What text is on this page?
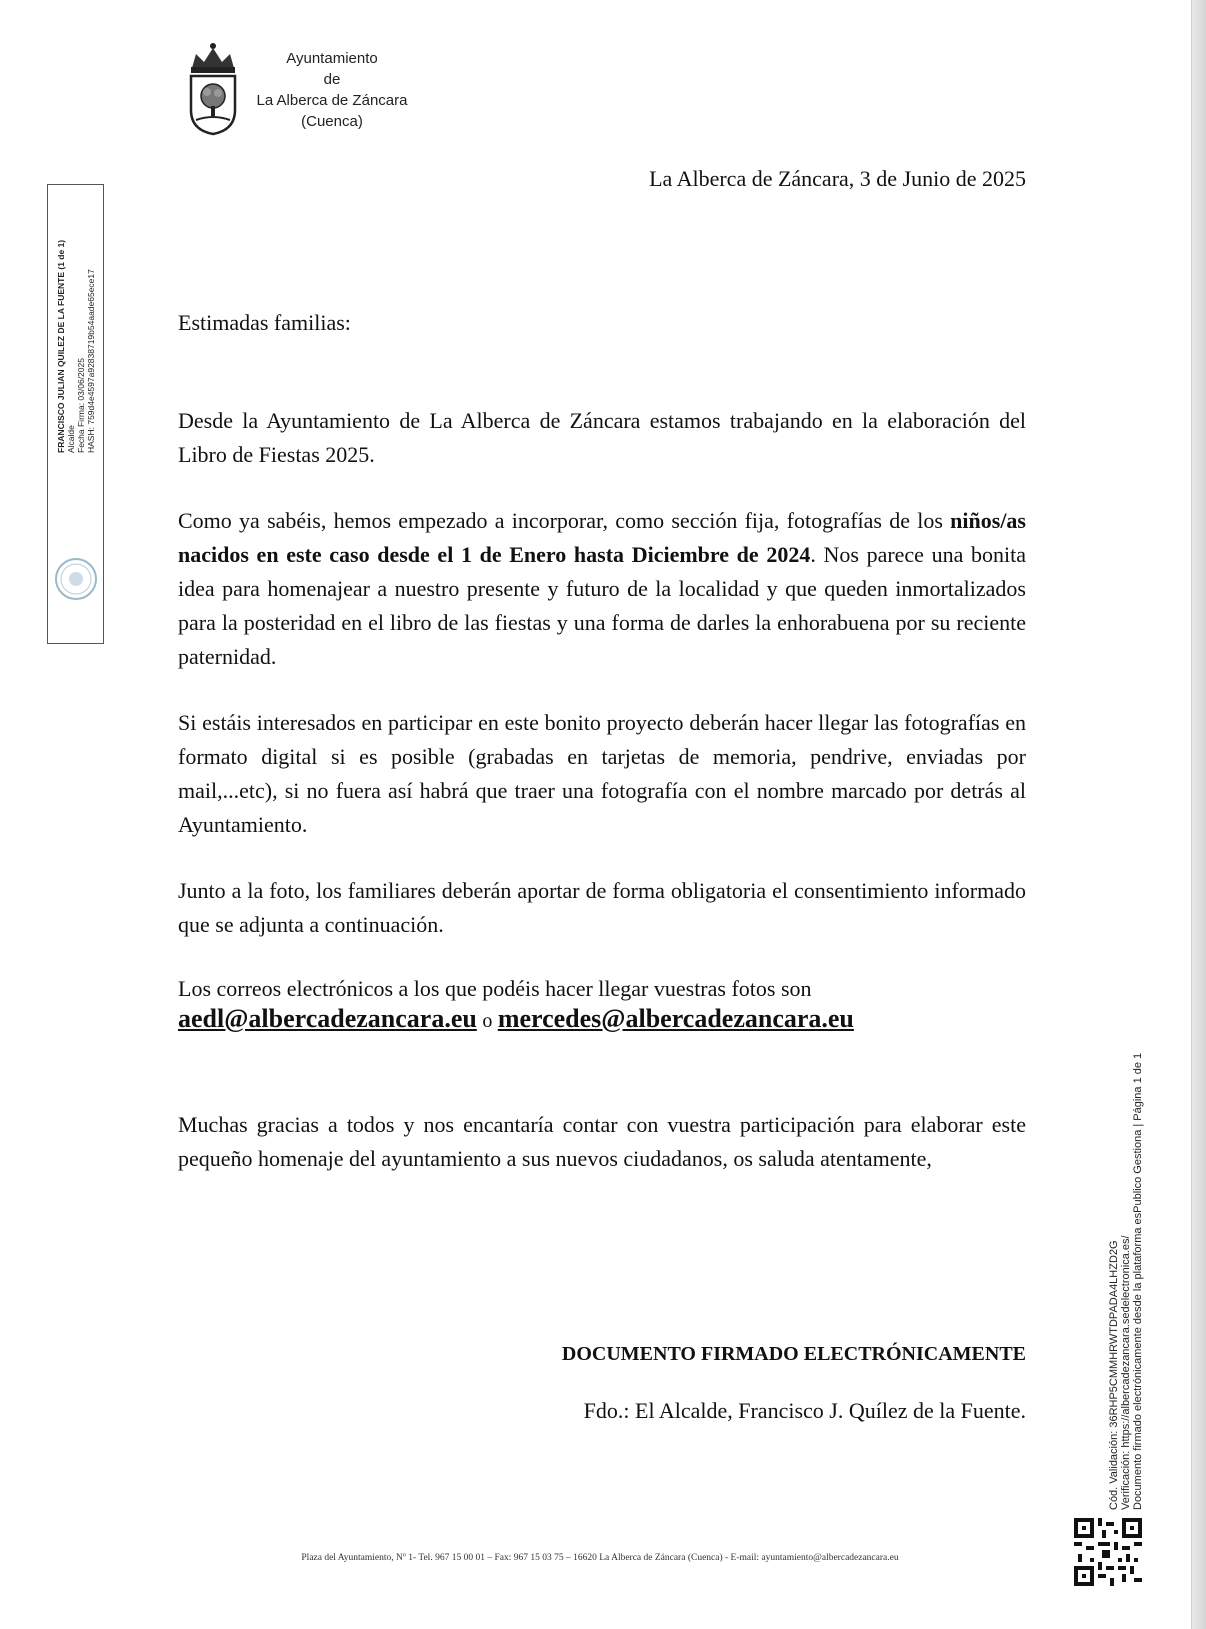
Ayuntamiento
de
La Alberca de Záncara
(Cuenca)
La Alberca de Záncara, 3 de Junio de 2025

Estimadas familias:

Desde la Ayuntamiento de La Alberca de Záncara estamos trabajando en la elaboración del Libro de Fiestas 2025.

Como ya sabéis, hemos empezado a incorporar, como sección fija, fotografías de los niños/as nacidos en este caso desde el 1 de Enero hasta Diciembre de 2024. Nos parece una bonita idea para homenajear a nuestro presente y futuro de la localidad y que queden inmortalizados para la posteridad en el libro de las fiestas y una forma de darles la enhorabuena por su reciente paternidad.

Si estáis interesados en participar en este bonito proyecto deberán hacer llegar las fotografías en formato digital si es posible (grabadas en tarjetas de memoria, pendrive, enviadas por mail,...etc), si no fuera así habrá que traer una fotografía con el nombre marcado por detrás al Ayuntamiento.

Junto a la foto, los familiares deberán aportar de forma obligatoria el consentimiento informado que se adjunta a continuación.

Los correos electrónicos a los que podéis hacer llegar vuestras fotos son
aedl@albercadezancara.eu o mercedes@albercadezancara.eu

Muchas gracias a todos y nos encantaría contar con vuestra participación para elaborar este pequeño homenaje del ayuntamiento a sus nuevos ciudadanos, os saluda atentamente,

DOCUMENTO FIRMADO ELECTRÓNICAMENTE
Fdo.: El Alcalde, Francisco J. Quílez de la Fuente.
Plaza del Ayuntamiento, Nº 1- Tel. 967 15 00 01 – Fax: 967 15 03 75 – 16620 La Alberca de Záncara (Cuenca) - E-mail: ayuntamiento@albercadezancara.eu
FRANCISCO JULIAN QUILEZ DE LA FUENTE (1 de 1) Alcalde Fecha Firma: 03/06/2025 HASH: 759d4e4597a92838719b54aade65ece17
Cód. Validación: 36RHP5CMMHRWTDPADA4LHZD2G Verificación: https://albercadezancara.sedelectronica.es/ Documento firmado electrónicamente desde la plataforma esPublico Gestiona | Página 1 de 1
